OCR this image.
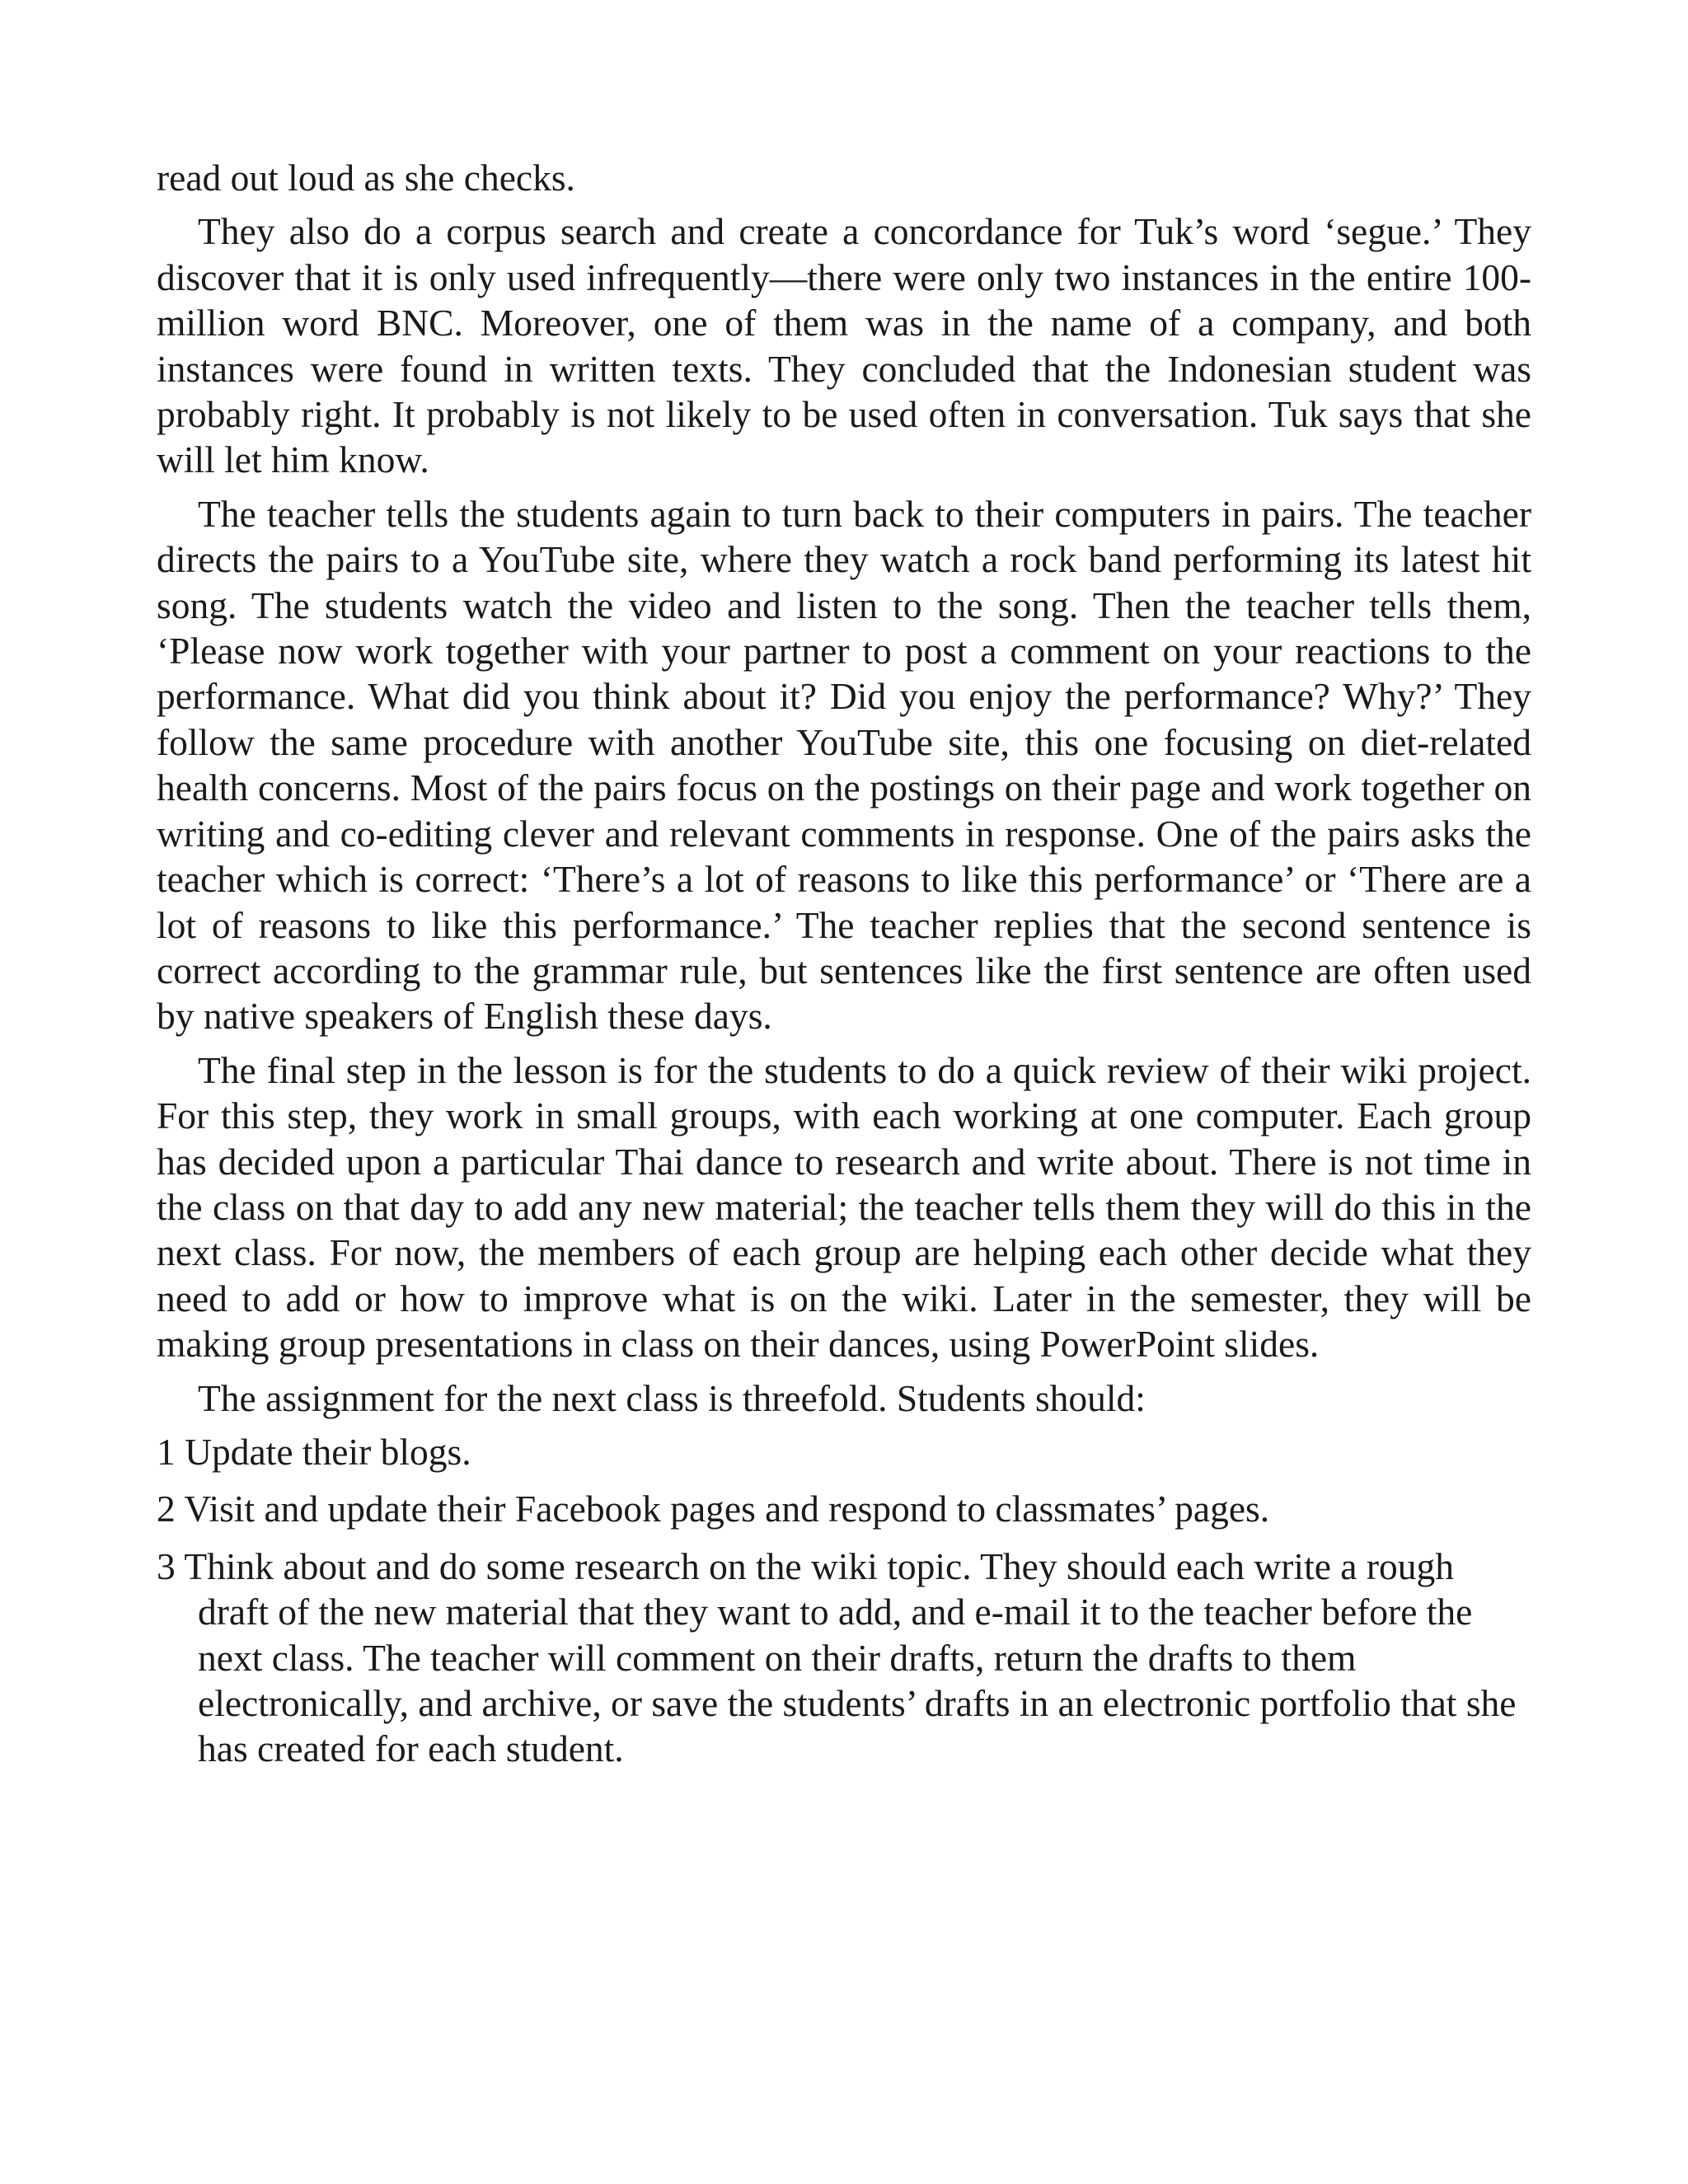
read out loud as she checks.

They also do a corpus search and create a concordance for Tuk’s word ‘segue.’ They discover that it is only used infrequently—there were only two instances in the entire 100-million word BNC. Moreover, one of them was in the name of a company, and both instances were found in written texts. They concluded that the Indonesian student was probably right. It probably is not likely to be used often in conversation. Tuk says that she will let him know.

The teacher tells the students again to turn back to their computers in pairs. The teacher directs the pairs to a YouTube site, where they watch a rock band performing its latest hit song. The students watch the video and listen to the song. Then the teacher tells them, ‘Please now work together with your partner to post a comment on your reactions to the performance. What did you think about it? Did you enjoy the performance? Why?’ They follow the same procedure with another YouTube site, this one focusing on diet-related health concerns. Most of the pairs focus on the postings on their page and work together on writing and co-editing clever and relevant comments in response. One of the pairs asks the teacher which is correct: ‘There’s a lot of reasons to like this performance’ or ‘There are a lot of reasons to like this performance.’ The teacher replies that the second sentence is correct according to the grammar rule, but sentences like the first sentence are often used by native speakers of English these days.

The final step in the lesson is for the students to do a quick review of their wiki project. For this step, they work in small groups, with each working at one computer. Each group has decided upon a particular Thai dance to research and write about. There is not time in the class on that day to add any new material; the teacher tells them they will do this in the next class. For now, the members of each group are helping each other decide what they need to add or how to improve what is on the wiki. Later in the semester, they will be making group presentations in class on their dances, using PowerPoint slides.

The assignment for the next class is threefold. Students should:

1 Update their blogs.

2 Visit and update their Facebook pages and respond to classmates’ pages.

3 Think about and do some research on the wiki topic. They should each write a rough draft of the new material that they want to add, and e-mail it to the teacher before the next class. The teacher will comment on their drafts, return the drafts to them electronically, and archive, or save the students’ drafts in an electronic portfolio that she has created for each student.
